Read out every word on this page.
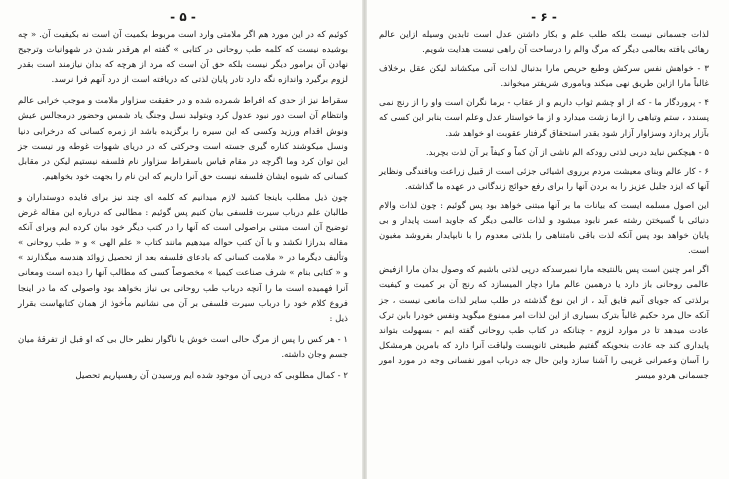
- ۵ -

کوئیم که در این مورد هم اگر ملامتی وارد است مربوط بکمیت آن است نه بکیفیت آن. « چه بوشیده نیست که کلمه طب روحانی در کتابی » گفته ام هرقدر شدن در شهوانیات وترجیح نهادن آن برامور دیگر نیست بلکه حق آن است که مرد از هرچه که بدان نیازمند است بقدر لزوم برگیرد واندازه نگه دارد تادر پایان لذتی که دریافته است از درد آنهم فرا نرسد.

سقراط نیز از حدی که افراط شمرده شده و در حقیقت سزاوار ملامت و موجب خرابی عالم وانتظام آن است دور نبود عدول کرد وبتولید نسل وجنگ یاد شمس وحضور درمجالس عیش ونوش اقدام ورزید وکسی که این سیره را برگزیده باشد از زمره کسانی که درخرابی دنیا ونسل میکوشند کناره گیری جسته است وحرکتی که در دریای شهوات غوطه ور نیست جز این توان کرد وما اگرچه در مقام قیاس باسقراط سزاوار نام فلسفه نیستیم لیکن در مقابل کسانی که شیوه ایشان فلسفه نیست حق آنرا داریم که این نام را بجهت خود بخواهیم.

چون ذیل مطلب باینجا کشید لازم میدانیم که کلمه ای چند نیز برای فایده دوستداران و طالبان علم درباب سیرت فلسفی بیان کنیم پس گوئیم : مطالبی که درباره این مقاله غرض توضیح آن است مبتنی براصولی است که آنها را در کتب دیگر خود بیان کرده ایم وبرای آنکه مقاله بدرازا نکشد و با آن کتب حواله میدهیم مانند کتاب « علم الهی » و « طب روحانی » وتألیف دیگرما در « ملامت کسانی که بادعای فلسفه بعد از تحصیل زوائد هندسه میگذارند » و « کتابی بنام » شرف صناعت کیمیا » مخصوصاً کسی که مطالب آنها را دیده است ومعانی آنرا فهمیده است ما را آنچه درباب طب روحانی بی نیاز بخواهد بود واصولی که ما در اینجا فروع کلام خود را درباب سیرت فلسفی بر آن می نشانیم مأخوذ از همان کتابهاست بقرار ذیل :

۱ - هر کس را پس از مرگ حالی است خوش یا ناگوار نظیر حال بی که او قبل از تفرقهٔ میان جسم وجان داشته.

۲ - کمال مطلوبی که درپی آن موجود شده ایم ورسیدن آن رهسپاریم تحصیل

- ۶ -

لذات جسمانی نیست بلکه طلب علم و بکار داشتن عدل است تابدین وسیله ازاین عالم رهائی یافته بعالمی دیگر که مرگ والم را درساحت آن راهی نیست هدایت شویم.

۳ - خواهش نفس سرکش وطبع حریص مارا بدنبال لذات آنی میکشاند لیکن عقل برخلاف غالباً مارا ازاین طریق نهی میکند وباموری شریفتر میخواند.

۴ - پروردگار ما - که از او چشم ثواب داریم و از عقاب - برما نگران است واو را از رنج نمی پسندد ، ستم وتباهی را ازما زشت میدارد و از ما خواستار عدل وعلم است بنابر این کسی که بآزار پردازد وسزاوار آزار شود بقدر استحقاق گرفتار عقوبت او خواهد شد.

۵ - هیچکس نباید دربی لذتی رودکه الم ناشی از آن کماً و کیفاً بر آن لذت بچربد.

۶ - کار عالم وبنای معیشت مردم برروی اشیائی جزئی است از قبیل زراعت وبافندگی ونظایر آنها که ایزد جلیل عزیز را به بردن آنها را برای رفع حوائج زندگانی در عهده ما گذاشته.

این اصول مسلمه ایست که بیانات ما بر آنها مبتنی خواهد بود پس گوئیم : چون لذات والام دنیائی با گسیختن رشته عمر نابود میشود و لذات عالمی دیگر که جاوید است پایدار و بی پایان خواهد بود پس آنکه لذت باقی نامتناهی را بلذتی معدوم را با نابپایدار بفروشد مغبون است.

اگر امر چنین است پس بالنتیجه مارا نمیرسدکه درپی لذتی باشیم که وصول بدان مارا ازفیض عالمی روحانی باز دارد یا درهمین عالم مارا دچار المیسازد که رنج آن بر کمیت و کیفیت برلذتی که جویای آنیم فایق آید ، از این نوع گذشته در طلب سایر لذات مانعی نیست ، جز آنکه حال مرد حکیم غالباً بترک بسیاری از این لذات امر ممنوع میگوید ونفس خودرا بابن ترک عادت میدهد تا در موارد لزوم - چنانکه در کتاب طب روحانی گفته ایم - بسهولت بتواند پایداری کند جه عادت بنحویکه گفتیم طبیعتی ثانویست ولیاقت آنرا دارد که بامرین هرمشکل را آسان وعمرانی غریبی را آشنا سازد واین حال جه درباب امور نفسانی وجه در مورد امور جسمانی هردو میسر
